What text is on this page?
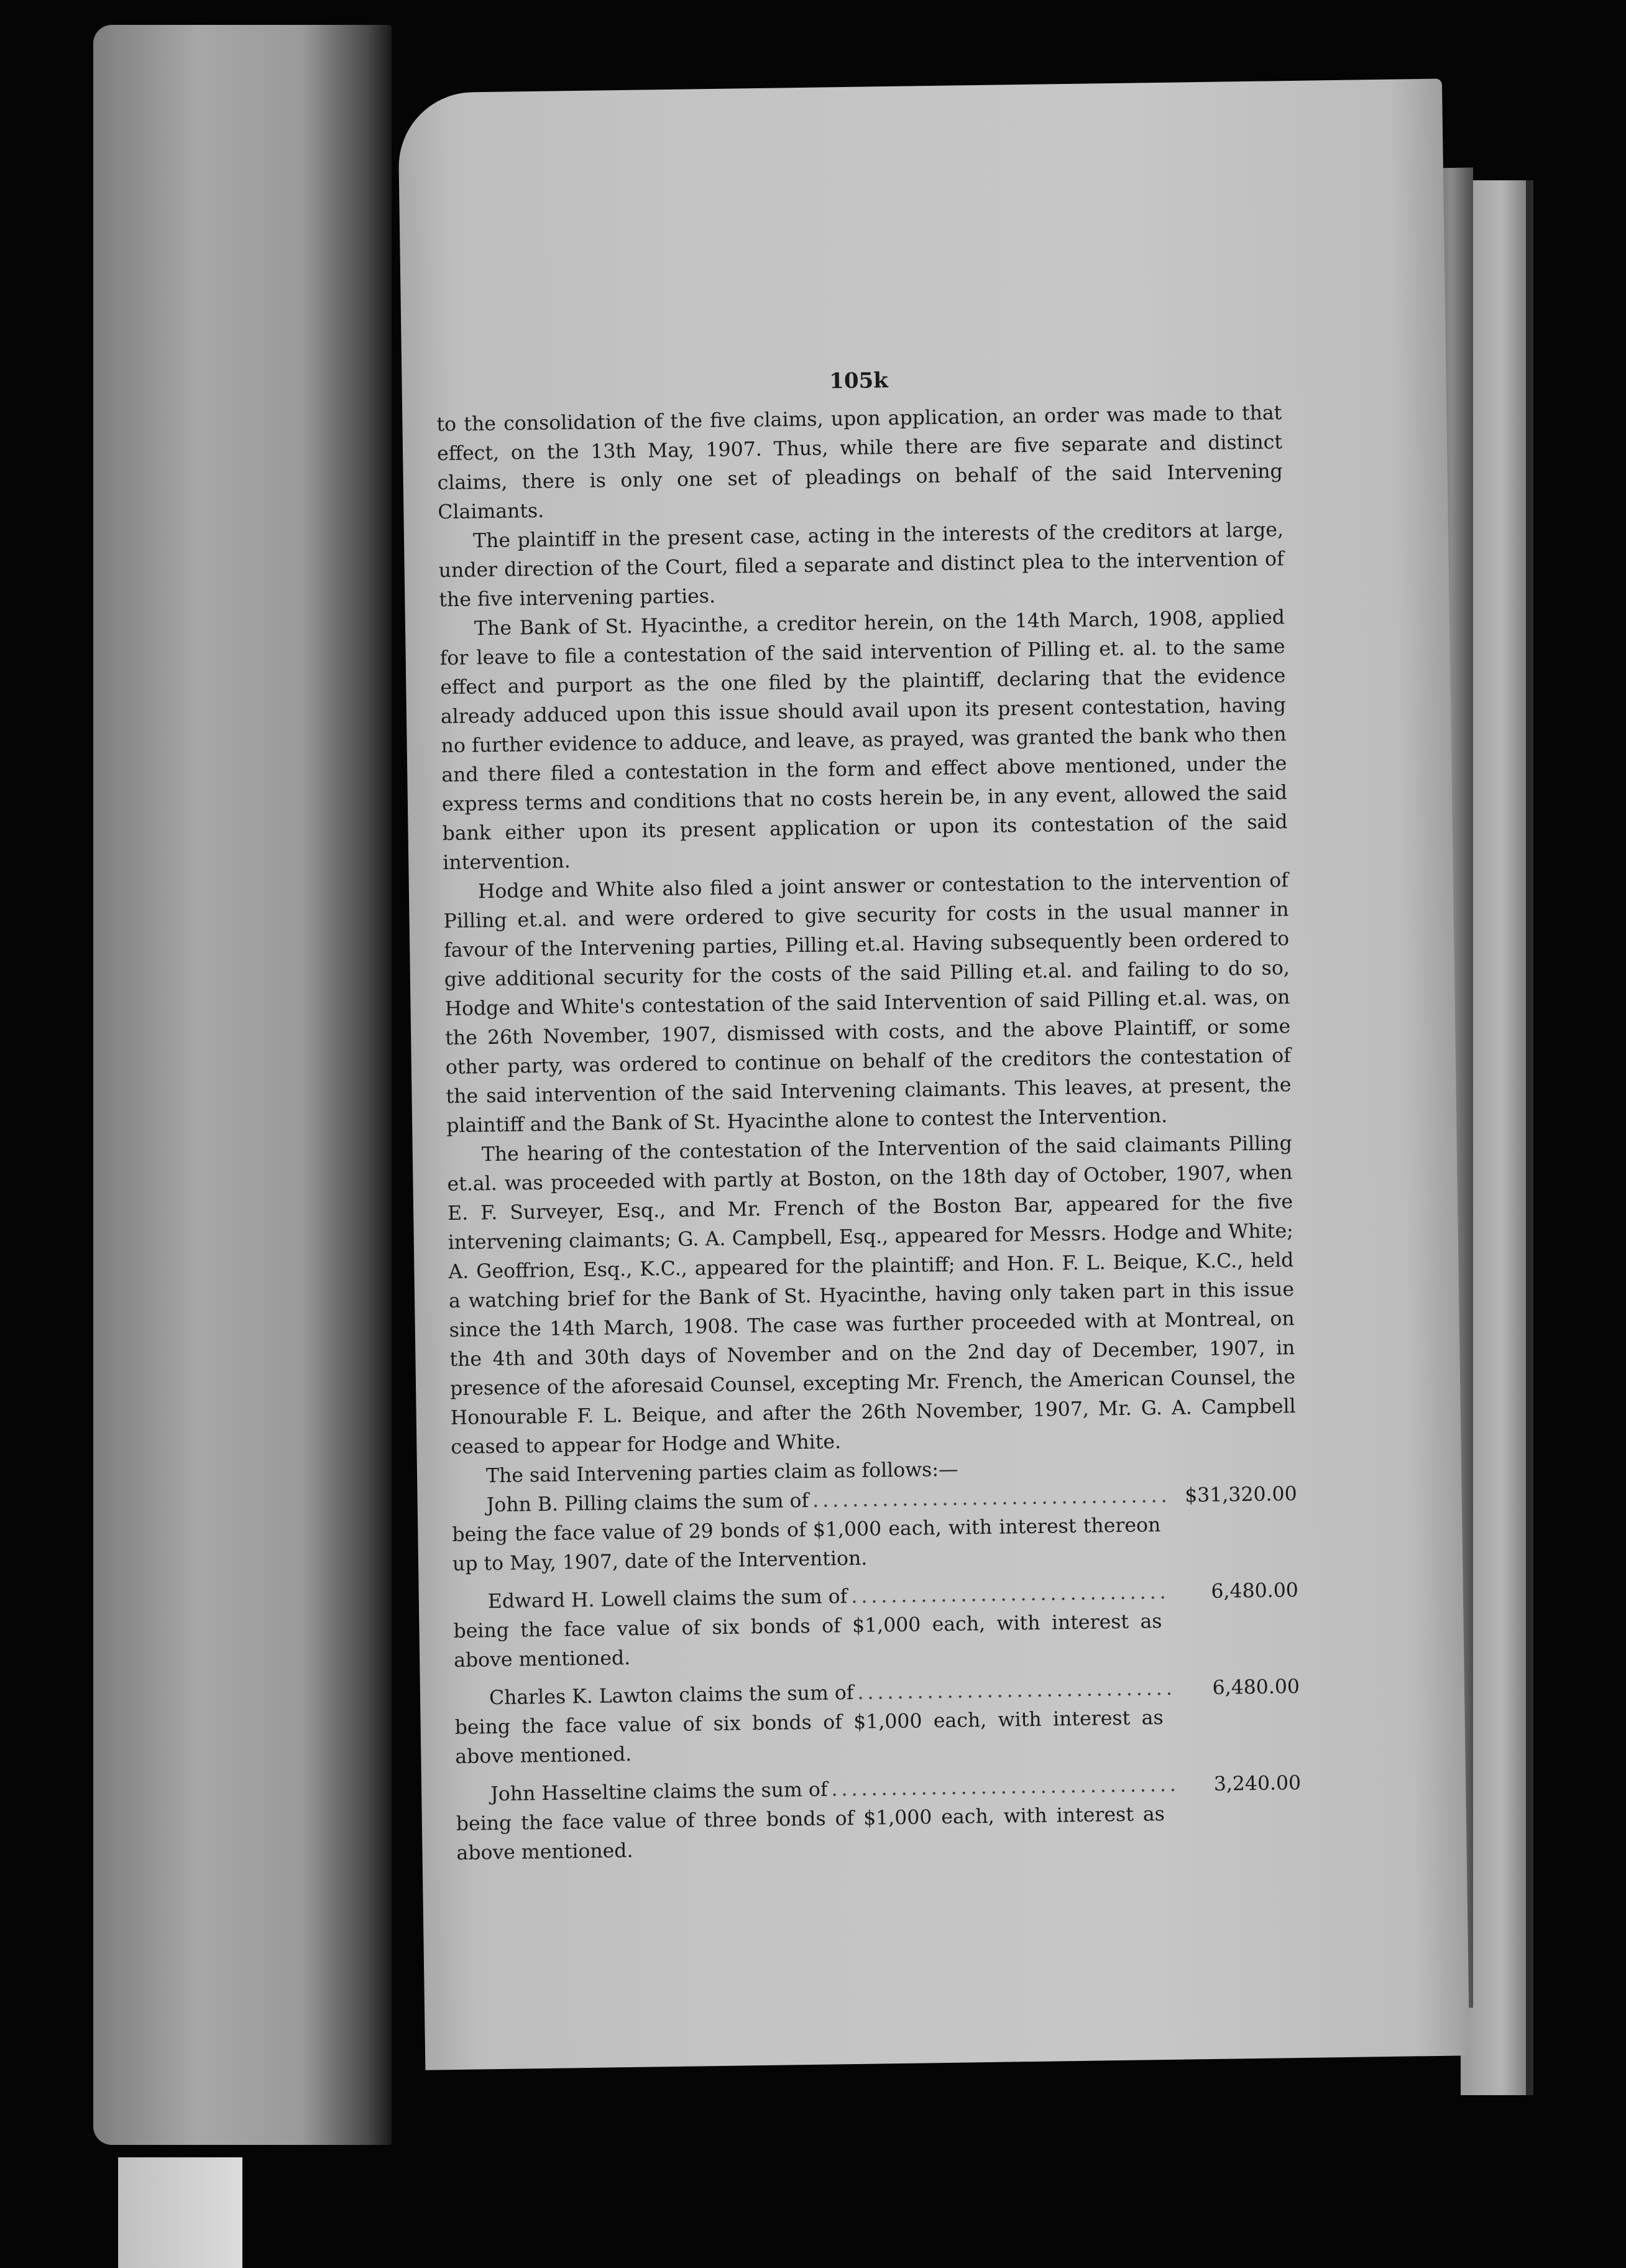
105k

to the consolidation of the five claims, upon application, an order was made to that effect, on the 13th May, 1907. Thus, while there are five separate and distinct claims, there is only one set of pleadings on behalf of the said Intervening Claimants.

The plaintiff in the present case, acting in the interests of the creditors at large, under direction of the Court, filed a separate and distinct plea to the intervention of the five intervening parties.

The Bank of St. Hyacinthe, a creditor herein, on the 14th March, 1908, applied for leave to file a contestation of the said intervention of Pilling et. al. to the same effect and purport as the one filed by the plaintiff, declaring that the evidence already adduced upon this issue should avail upon its present contestation, having no further evidence to adduce, and leave, as prayed, was granted the bank who then and there filed a contestation in the form and effect above mentioned, under the express terms and conditions that no costs herein be, in any event, allowed the said bank either upon its present application or upon its contestation of the said intervention.

Hodge and White also filed a joint answer or contestation to the intervention of Pilling et.al. and were ordered to give security for costs in the usual manner in favour of the Intervening parties, Pilling et.al. Having subsequently been ordered to give additional security for the costs of the said Pilling et.al. and failing to do so, Hodge and White's contestation of the said Intervention of said Pilling et.al. was, on the 26th November, 1907, dismissed with costs, and the above Plaintiff, or some other party, was ordered to continue on behalf of the creditors the contestation of the said intervention of the said Intervening claimants. This leaves, at present, the plaintiff and the Bank of St. Hyacinthe alone to contest the Intervention.

The hearing of the contestation of the Intervention of the said claimants Pilling et.al. was proceeded with partly at Boston, on the 18th day of October, 1907, when E. F. Surveyer, Esq., and Mr. French of the Boston Bar, appeared for the five intervening claimants; G. A. Campbell, Esq., appeared for Messrs. Hodge and White; A. Geoffrion, Esq., K.C., appeared for the plaintiff; and Hon. F. L. Beique, K.C., held a watching brief for the Bank of St. Hyacinthe, having only taken part in this issue since the 14th March, 1908. The case was further proceeded with at Montreal, on the 4th and 30th days of November and on the 2nd day of December, 1907, in presence of the aforesaid Counsel, excepting Mr. French, the American Counsel, the Honourable F. L. Beique, and after the 26th November, 1907, Mr. G. A. Campbell ceased to appear for Hodge and White.

The said Intervening parties claim as follows:—

John B. Pilling claims the sum of .....	$31,320.00
being the face value of 29 bonds of $1,000 each, with interest thereon up to May, 1907, date of the Intervention.
Edward H. Lowell claims the sum of .....	6,480.00
being the face value of six bonds of $1,000 each, with interest as above mentioned.
Charles K. Lawton claims the sum of .....	6,480.00
being the face value of six bonds of $1,000 each, with interest as above mentioned.
John Hasseltine claims the sum of .....	3,240.00
being the face value of three bonds of $1,000 each, with interest as above mentioned.
